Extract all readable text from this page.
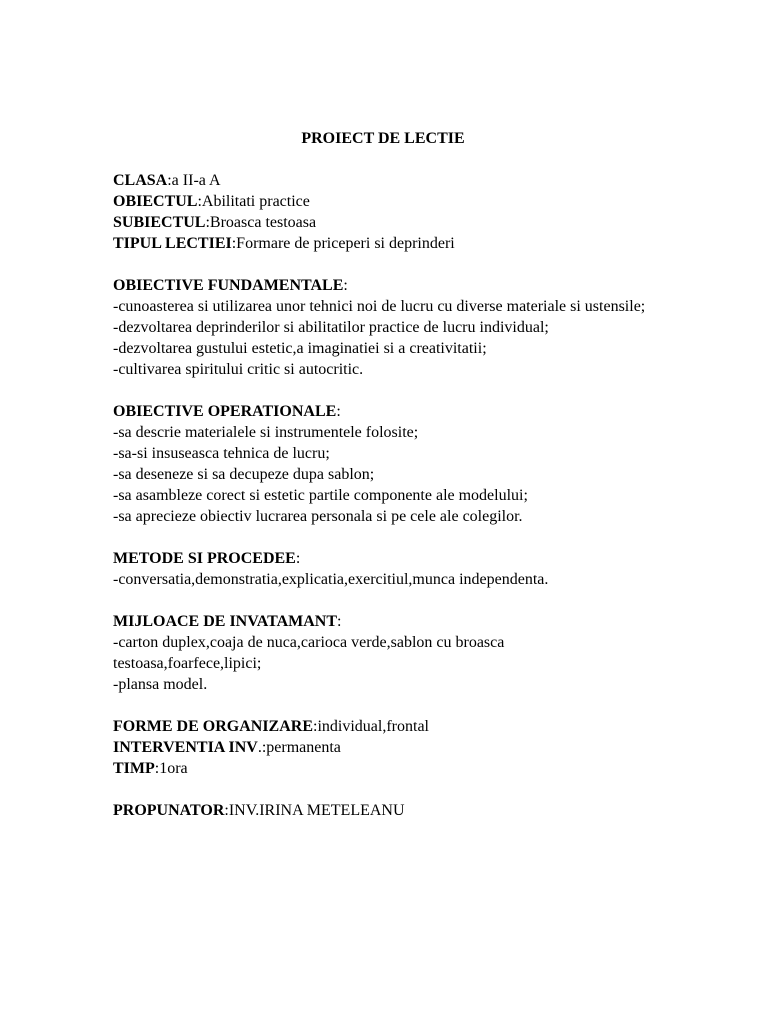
PROIECT DE LECTIE
CLASA:a II-a A
OBIECTUL:Abilitati practice
SUBIECTUL:Broasca testoasa
TIPUL LECTIEI:Formare de priceperi si deprinderi
OBIECTIVE FUNDAMENTALE:
-cunoasterea si utilizarea unor tehnici noi de lucru cu diverse materiale si ustensile;
-dezvoltarea deprinderilor si abilitatilor practice de lucru individual;
-dezvoltarea gustului estetic,a imaginatiei si a creativitatii;
-cultivarea spiritului critic si autocritic.
OBIECTIVE OPERATIONALE:
-sa descrie materialele si instrumentele folosite;
-sa-si insuseasca tehnica de lucru;
-sa deseneze si sa decupeze dupa sablon;
-sa asambleze corect si estetic partile componente ale modelului;
-sa aprecieze obiectiv lucrarea personala si pe cele ale colegilor.
METODE SI PROCEDEE:
-conversatia,demonstratia,explicatia,exercitiul,munca independenta.
MIJLOACE DE INVATAMANT:
-carton duplex,coaja de nuca,carioca verde,sablon cu broasca testoasa,foarfece,lipici;
-plansa model.
FORME DE ORGANIZARE:individual,frontal
INTERVENTIA INV.:permanenta
TIMP:1ora
PROPUNATOR:INV.IRINA METELEANU
